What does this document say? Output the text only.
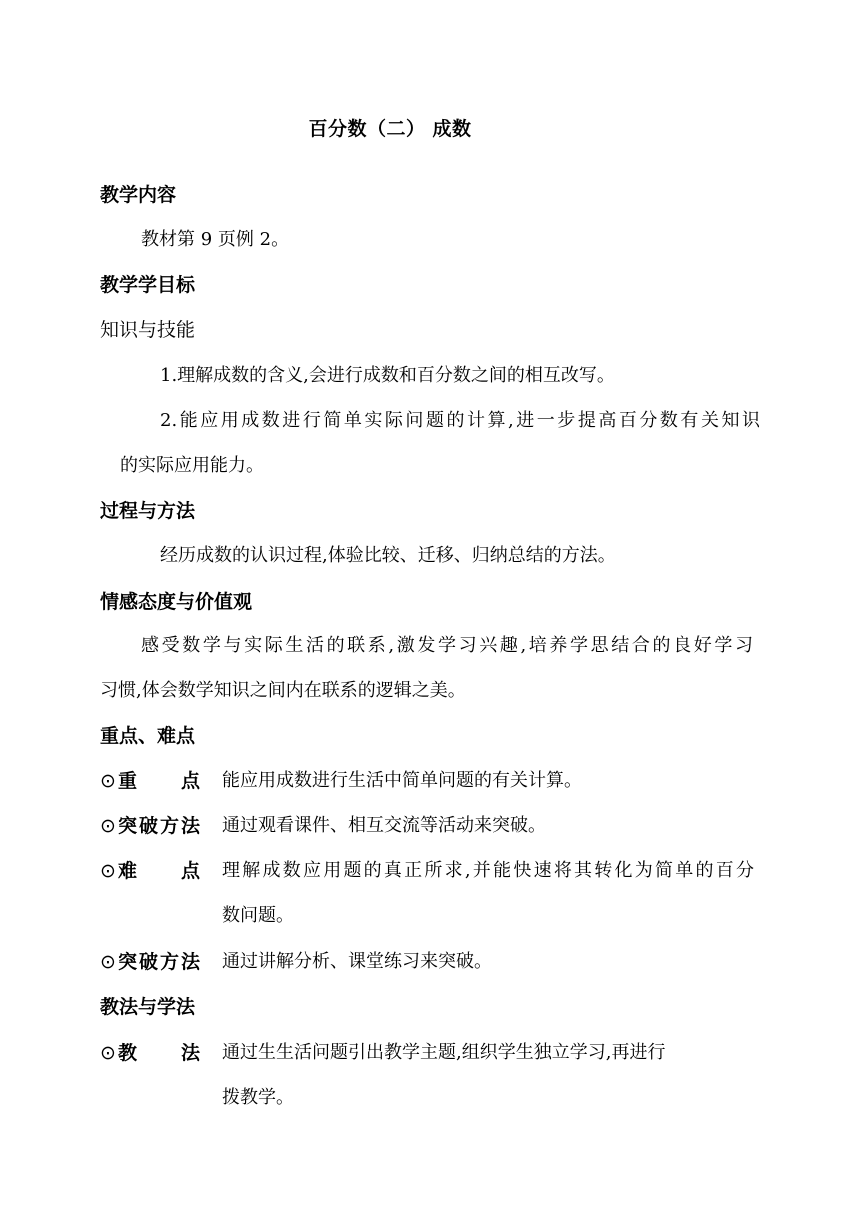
百分数（二） 成数
教学内容
教材第 9 页例 2。
教学学目标
知识与技能
1.理解成数的含义,会进行成数和百分数之间的相互改写。
2.能应用成数进行简单实际问题的计算,进一步提高百分数有关知识
的实际应用能力。
过程与方法
经历成数的认识过程,体验比较、迁移、归纳总结的方法。
情感态度与价值观
感受数学与实际生活的联系,激发学习兴趣,培养学思结合的良好学习
习惯,体会数学知识之间内在联系的逻辑之美。
重点、难点
⊙ 重点 能应用成数进行生活中简单问题的有关计算。
⊙ 突破方法 通过观看课件、相互交流等活动来突破。
⊙ 难点 理解成数应用题的真正所求,并能快速将其转化为简单的百分
数问题。
⊙ 突破方法 通过讲解分析、课堂练习来突破。
教法与学法
⊙ 教法 通过生生活问题引出教学主题,组织学生独立学习,再进行
拨教学。
